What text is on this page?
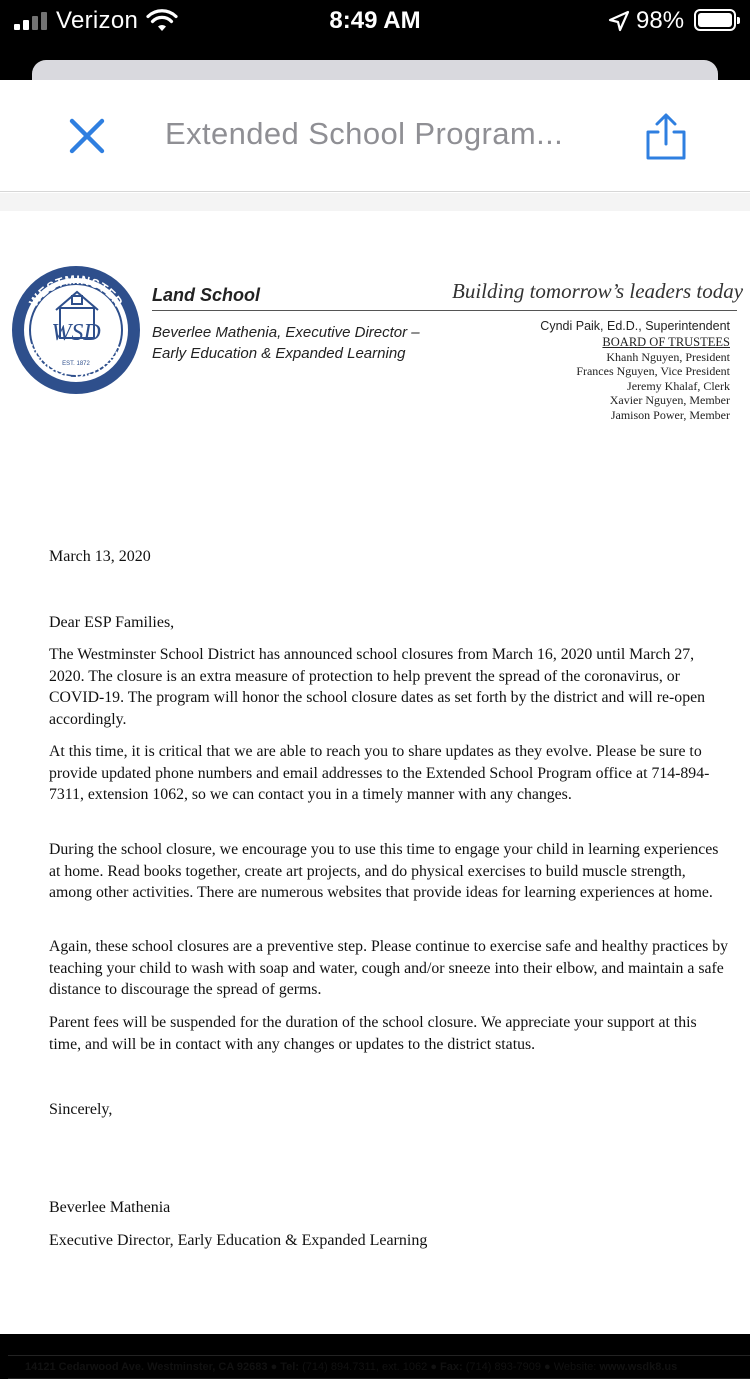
Verizon	8:49 AM	98%
Extended School Program...
WESTMINSTER
SCHOOL DISTRICT
WSD
EST. 1872
Land School	Building tomorrow’s leaders today
Beverlee Mathenia, Executive Director –
Early Education & Expanded Learning
Cyndi Paik, Ed.D., Superintendent
BOARD OF TRUSTEES
Khanh Nguyen, President
Frances Nguyen, Vice President
Jeremy Khalaf, Clerk
Xavier Nguyen, Member
Jamison Power, Member
March 13, 2020
Dear ESP Families,

The Westminster School District has announced school closures from March 16, 2020 until March 27, 2020. The closure is an extra measure of protection to help prevent the spread of the coronavirus, or COVID-19. The program will honor the school closure dates as set forth by the district and will re-open accordingly.

At this time, it is critical that we are able to reach you to share updates as they evolve. Please be sure to provide updated phone numbers and email addresses to the Extended School Program office at 714-894-7311, extension 1062, so we can contact you in a timely manner with any changes.

During the school closure, we encourage you to use this time to engage your child in learning experiences at home. Read books together, create art projects, and do physical exercises to build muscle strength, among other activities. There are numerous websites that provide ideas for learning experiences at home.

Again, these school closures are a preventive step. Please continue to exercise safe and healthy practices by teaching your child to wash with soap and water, cough and/or sneeze into their elbow, and maintain a safe distance to discourage the spread of germs.

Parent fees will be suspended for the duration of the school closure. We appreciate your support at this time, and will be in contact with any changes or updates to the district status.

Sincerely,
Beverlee Mathenia
Executive Director, Early Education & Expanded Learning
14121 Cedarwood Ave. Westminster, CA 92683 ● Tel: (714) 894.7311, ext. 1062 ● Fax: (714) 893-7909 ● Website: www.wsdk8.us
